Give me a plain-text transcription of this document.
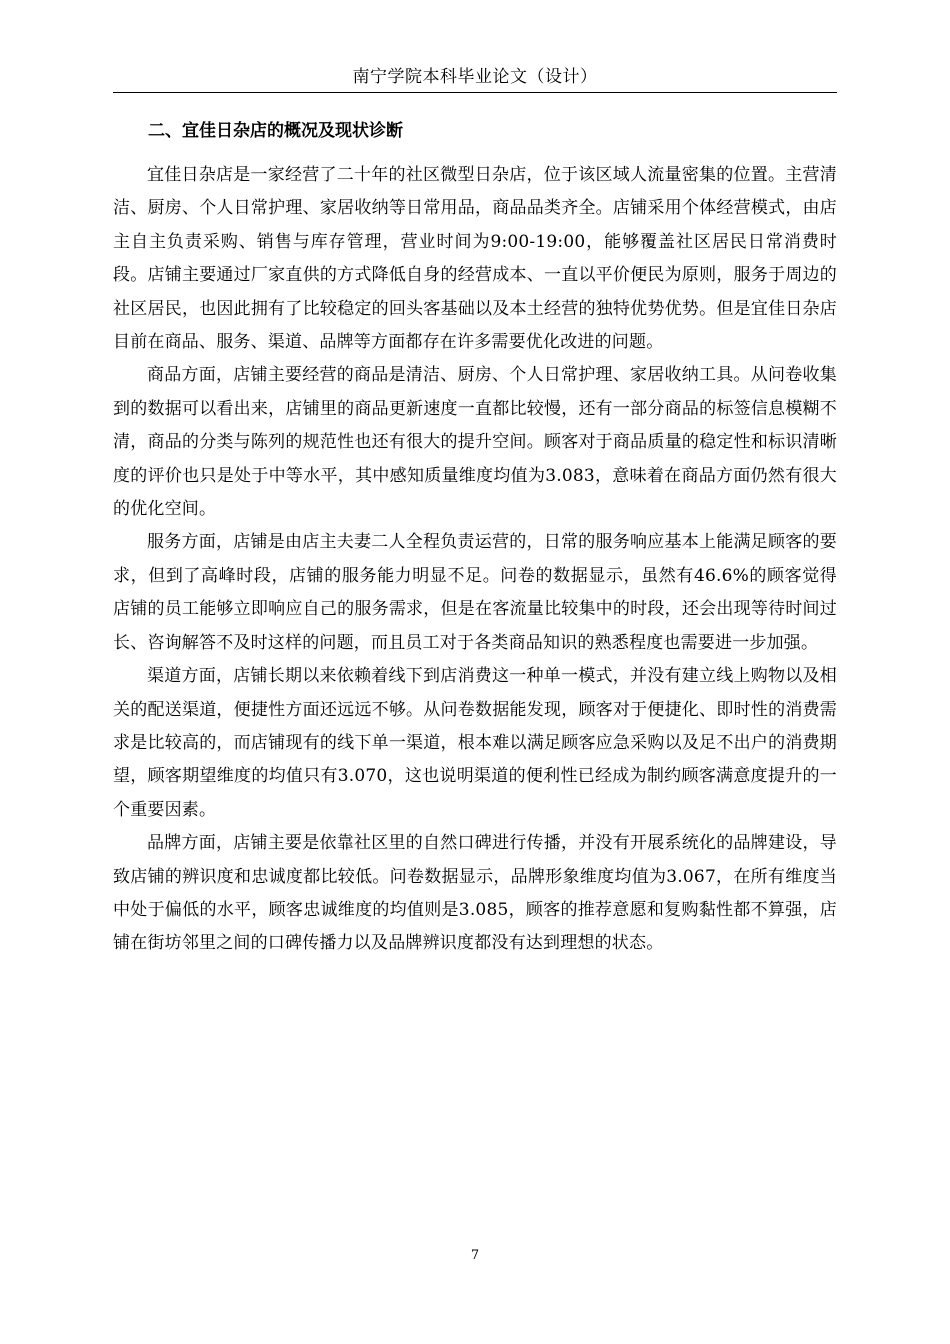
南宁学院本科毕业论文（设计）
二、宜佳日杂店的概况及现状诊断

宜佳日杂店是一家经营了二十年的社区微型日杂店，位于该区域人流量密集的位置。主营清洁、厨房、个人日常护理、家居收纳等日常用品，商品品类齐全。店铺采用个体经营模式，由店主自主负责采购、销售与库存管理，营业时间为9:00-19:00，能够覆盖社区居民日常消费时段。店铺主要通过厂家直供的方式降低自身的经营成本、一直以平价便民为原则，服务于周边的社区居民，也因此拥有了比较稳定的回头客基础以及本土经营的独特优势优势。但是宜佳日杂店目前在商品、服务、渠道、品牌等方面都存在许多需要优化改进的问题。

商品方面，店铺主要经营的商品是清洁、厨房、个人日常护理、家居收纳工具。从问卷收集到的数据可以看出来，店铺里的商品更新速度一直都比较慢，还有一部分商品的标签信息模糊不清，商品的分类与陈列的规范性也还有很大的提升空间。顾客对于商品质量的稳定性和标识清晰度的评价也只是处于中等水平，其中感知质量维度均值为3.083，意味着在商品方面仍然有很大的优化空间。

服务方面，店铺是由店主夫妻二人全程负责运营的，日常的服务响应基本上能满足顾客的要求，但到了高峰时段，店铺的服务能力明显不足。问卷的数据显示，虽然有46.6%的顾客觉得店铺的员工能够立即响应自己的服务需求，但是在客流量比较集中的时段，还会出现等待时间过长、咨询解答不及时这样的问题，而且员工对于各类商品知识的熟悉程度也需要进一步加强。

渠道方面，店铺长期以来依赖着线下到店消费这一种单一模式，并没有建立线上购物以及相关的配送渠道，便捷性方面还远远不够。从问卷数据能发现，顾客对于便捷化、即时性的消费需求是比较高的，而店铺现有的线下单一渠道，根本难以满足顾客应急采购以及足不出户的消费期望，顾客期望维度的均值只有3.070，这也说明渠道的便利性已经成为制约顾客满意度提升的一个重要因素。

品牌方面，店铺主要是依靠社区里的自然口碑进行传播，并没有开展系统化的品牌建设，导致店铺的辨识度和忠诚度都比较低。问卷数据显示，品牌形象维度均值为3.067，在所有维度当中处于偏低的水平，顾客忠诚维度的均值则是3.085，顾客的推荐意愿和复购黏性都不算强，店铺在街坊邻里之间的口碑传播力以及品牌辨识度都没有达到理想的状态。

7
